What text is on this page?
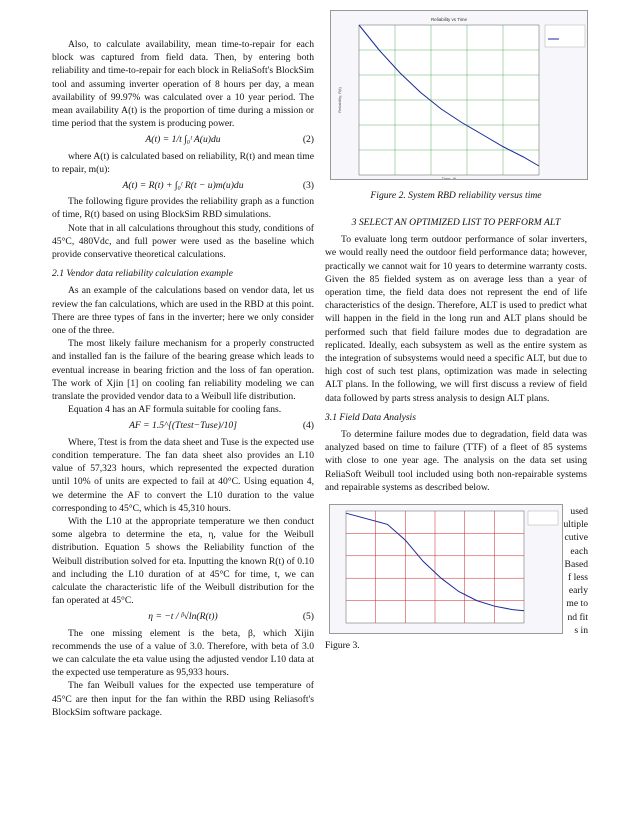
Also, to calculate availability, mean time-to-repair for each block was captured from field data. Then, by entering both reliability and time-to-repair for each block in ReliaSoft's BlockSim tool and assuming inverter operation of 8 hours per day, a mean availability of 99.97% was calculated over a 10 year period. The mean availability A(t) is the proportion of time during a mission or time period that the system is producing power.

A(t) = 1/t ∫₀ᵗ A(u)du	(2)

where A(t) is calculated based on reliability, R(t) and mean time to repair, m(u):

A(t) = R(t) + ∫₀ᵗ R(t − u)m(u)du	(3)

The following figure provides the reliability graph as a function of time, R(t) based on using BlockSim RBD simulations.

Note that in all calculations throughout this study, conditions of 45°C, 480Vdc, and full power were used as the baseline which provide conservative theoretical calculations.

2.1 Vendor data reliability calculation example

As an example of the calculations based on vendor data, let us review the fan calculations, which are used in the RBD at this point. There are three types of fans in the inverter; here we only consider one of the three.

The most likely failure mechanism for a properly constructed and installed fan is the failure of the bearing grease which leads to eventual increase in bearing friction and the loss of fan operation. The work of Xjin [1] on cooling fan reliability modeling we can translate the provided vendor data to a Weibull life distribution.

Equation 4 has an AF formula suitable for cooling fans.

AF = 1.5^[(Ttest−Tuse)/10]	(4)

Where, Ttest is from the data sheet and Tuse is the expected use condition temperature. The fan data sheet also provides an L10 value of 57,323 hours, which represented the expected duration until 10% of units are expected to fail at 40°C. Using equation 4, we determine the AF to convert the L10 duration to the value corresponding to 45°C, which is 45,310 hours.

With the L10 at the appropriate temperature we then conduct some algebra to determine the eta, η, value for the Weibull distribution. Equation 5 shows the Reliability function of the Weibull distribution solved for eta. Inputting the known R(t) of 0.10 and including the L10 duration of at 45°C for time, t, we can calculate the characteristic life of the Weibull distribution for the fan operated at 45°C.

η = −t / ᵝ√ln(R(t))	(5)

The one missing element is the beta, β, which Xijin recommends the use of a value of 3.0. Therefore, with beta of 3.0 we can calculate the eta value using the adjusted vendor L10 data at the expected use temperature as 95,933 hours.

The fan Weibull values for the expected use temperature of 45°C are then input for the fan within the RBD using Reliasoft's BlockSim software package.

Reliability vs Time
Time, (t)
Reliability, R(t)
Figure 2. System RBD reliability versus time

3 SELECT AN OPTIMIZED LIST TO PERFORM ALT

To evaluate long term outdoor performance of solar inverters, we would really need the outdoor field performance data; however, practically we cannot wait for 10 years to determine warranty costs. Given the 85 fielded system as on average less than a year of operation time, the field data does not represent the end of life characteristics of the design. Therefore, ALT is used to predict what will happen in the field in the long run and ALT plans should be performed such that field failure modes due to degradation are replicated. Ideally, each subsystem as well as the entire system as the integration of subsystems would need a specific ALT, but due to high cost of such test plans, optimization was made in selecting ALT plans. In the following, we will first discuss a review of field data followed by parts stress analysis to design ALT plans.

3.1 Field Data Analysis

To determine failure modes due to degradation, field data was analyzed based on time to failure (TTF) of a fleet of 85 systems with close to one year age. The analysis on the data set using ReliaSoft Weibull tool included using both non-repairable systems and repairable systems as described below.

used
ultiple
cutive
each
Based
f less
early
me to
nd fit
s in
Figure 3.
